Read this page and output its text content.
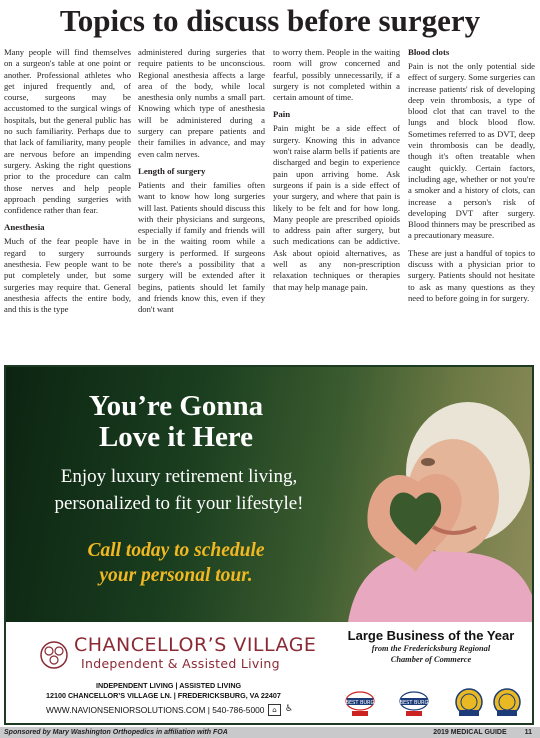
Topics to discuss before surgery

Many people will find themselves on a surgeon's table at one point or another. Professional athletes who get injured frequently and, of course, surgeons may be accustomed to the surgical wings of hospitals, but the general public has no such familiarity. Perhaps due to that lack of familiarity, many people are nervous before an impending surgery. Asking the right questions prior to the procedure can calm those nerves and help people approach pending surgeries with confidence rather than fear.

Anesthesia

Much of the fear people have in regard to surgery surrounds anesthesia. Few people want to be put completely under, but some surgeries may require that. General anesthesia affects the entire body, and this is the type

administered during surgeries that require patients to be unconscious. Regional anesthesia affects a large area of the body, while local anesthesia only numbs a small part. Knowing which type of anesthesia will be administered during a surgery can prepare patients and their families in advance, and may even calm nerves.

Length of surgery

Patients and their families often want to know how long surgeries will last. Patients should discuss this with their physicians and surgeons, especially if family and friends will be in the waiting room while a surgery is performed. If surgeons note there's a possibility that a surgery will be extended after it begins, patients should let family and friends know this, even if they don't want

to worry them. People in the waiting room will grow concerned and fearful, possibly unnecessarily, if a surgery is not completed within a certain amount of time.

Pain

Pain might be a side effect of surgery. Knowing this in advance won't raise alarm bells if patients are discharged and begin to experience pain upon arriving home. Ask surgeons if pain is a side effect of your surgery, and where that pain is likely to be felt and for how long. Many people are prescribed opioids to address pain after surgery, but such medications can be addictive. Ask about opioid alternatives, as well as any non-prescription relaxation techniques or therapies that may help manage pain.

Blood clots

Pain is not the only potential side effect of surgery. Some surgeries can increase patients' risk of developing deep vein thrombosis, a type of blood clot that can travel to the lungs and block blood flow. Sometimes referred to as DVT, deep vein thrombosis can be deadly, though it's often treatable when caught quickly. Certain factors, including age, whether or not you're a smoker and a history of clots, can increase a person's risk of developing DVT after surgery. Blood thinners may be prescribed as a precautionary measure.

These are just a handful of topics to discuss with a physician prior to surgery. Patients should not hesitate to ask as many questions as they need to before going in for surgery.

You’re Gonna
Love it Here
Enjoy luxury retirement living,
personalized to fit your lifestyle!
Call today to schedule
your personal tour.
CHANCELLOR’S VILLAGE
Independent & Assisted Living
INDEPENDENT LIVING | ASSISTED LIVING
12100 CHANCELLOR’S VILLAGE LN. | FREDERICKSBURG, VA 22407
WWW.NAVIONSENIORSOLUTIONS.COM | 540-786-5000	⌂ ♿
Large Business of the Year
from the Fredericksburg Regional
Chamber of Commerce
BEST BURG	BEST BURG
Sponsored by Mary Washington Orthopedics in affiliation with FOA	2019 MEDICAL GUIDE	11
